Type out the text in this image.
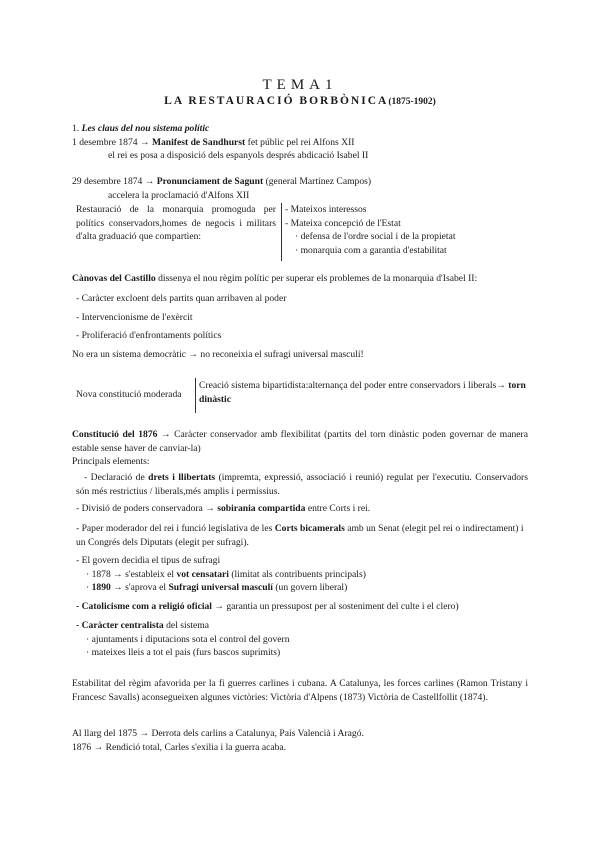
TEMA1
LA RESTAURACIÓ BORBÒNICA(1875-1902)

1. Les claus del nou sistema polític

1 desembre 1874 → Manifest de Sandhurst fet públic pel rei Alfons XII

el rei es posa a disposició dels espanyols després abdicació Isabel II

29 desembre 1874 → Pronunciament de Sagunt (general Martínez Campos)

accelera la proclamació d'Alfons XII

Restauració de la monarquia promoguda per polítics conservadors,homes de negocis i militars d'alta graduació que compartien:

- Mateixos interessos

- Mateixa concepció de l'Estat

· defensa de l'ordre social i de la propietat

· monarquia com a garantia d'estabilitat

Cànovas del Castillo dissenya el nou règim polític per superar els problemes de la monarquia d'Isabel II:

- Caràcter excloent dels partits quan arribaven al poder

- Intervencionisme de l'exèrcit

- Proliferació d'enfrontaments polítics

No era un sistema democràtic → no reconeixia el sufragi universal masculí!
Nova constitució moderada
Creació sistema bipartidista:alternança del poder entre conservadors i liberals→ torn dinàstic

Constitució del 1876 → Caràcter conservador amb flexibilitat (partits del torn dinàstic poden governar de manera estable sense haver de canviar-la)

Principals elements:

- Declaració de drets i llibertats (impremta, expressió, associació i reunió) regulat per l'executiu. Conservadors són més restrictius / liberals,més amplis i permissius.
- Divisió de poders conservadora → sobirania compartida entre Corts i rei.
- Paper moderador del rei i funció legislativa de les Corts bicamerals amb un Senat (elegit pel rei o indirectament) i un Congrés dels Diputats (elegit per sufragi).

- El govern decidia el tipus de sufragi

· 1878 → s'estableix el vot censatari (limitat als contribuents principals)

· 1890 → s'aprova el Sufragi universal masculí (un govern liberal)

- Catolicisme com a religió oficial → garantia un pressupost per al sosteniment del culte i el clero)

- Caràcter centralista del sistema

· ajuntaments i diputacions sota el control del govern

· mateixes lleis a tot el país (furs bascos suprimits)

Estabilitat del règim afavorida per la fi guerres carlines i cubana. A Catalunya, les forces carlines (Ramon Tristany i Francesc Savalls) aconsegueixen algunes victòries: Victòria d'Alpens (1873) Victòria de Castellfollit (1874).

Al llarg del 1875 → Derrota dels carlins a Catalunya, País Valencià i Aragó.

1876 → Rendició total, Carles s'exilia i la guerra acaba.
